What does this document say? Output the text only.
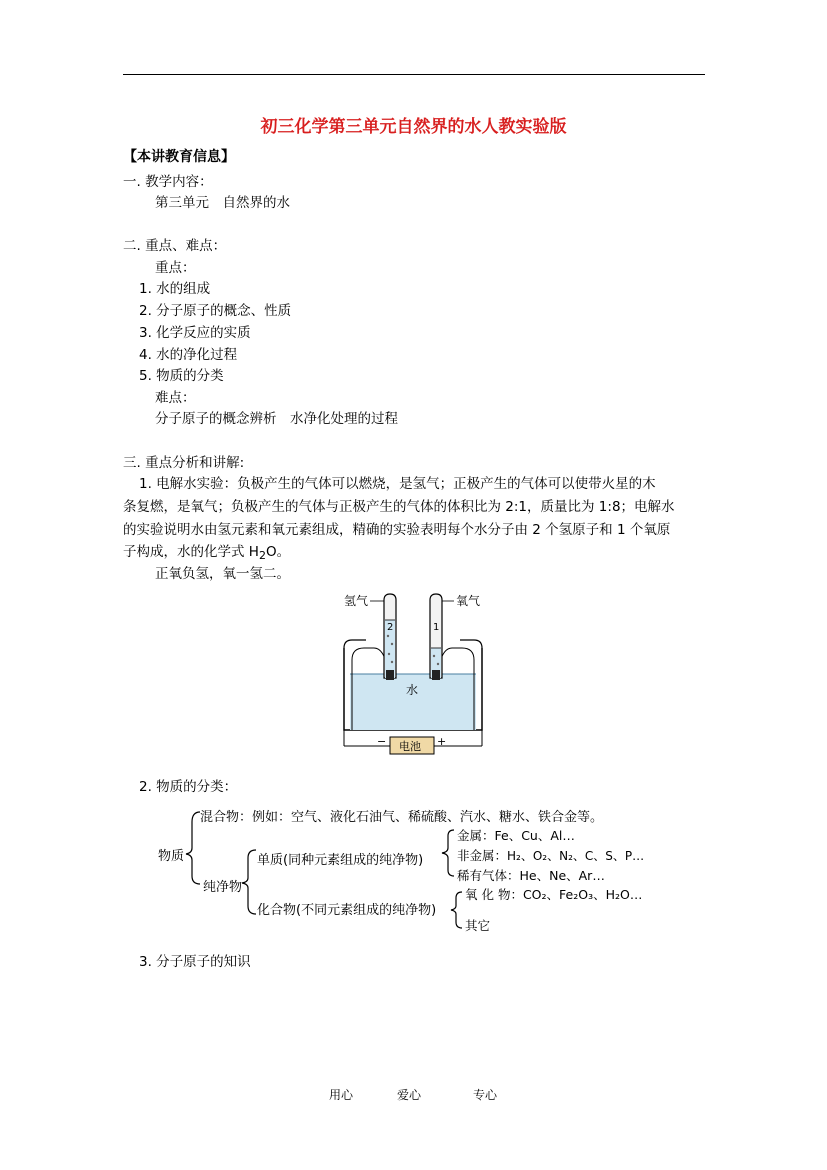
初三化学第三单元自然界的水人教实验版
【本讲教育信息】
一. 教学内容：
第三单元　自然界的水
二. 重点、难点：
重点：
1. 水的组成
2. 分子原子的概念、性质
3. 化学反应的实质
4. 水的净化过程
5. 物质的分类
难点：
分子原子的概念辨析　水净化处理的过程
三. 重点分析和讲解:
1. 电解水实验：负极产生的气体可以燃烧，是氢气；正极产生的气体可以使带火星的木
条复燃，是氧气；负极产生的气体与正极产生的气体的体积比为 2:1，质量比为 1:8；电解水
的实验说明水由氢元素和氧元素组成，精确的实验表明每个水分子由 2 个氢原子和 1 个氧原
子构成，水的化学式 $H_2O$。
正氧负氢，氧一氢二。
氢气	氧气
2	1
水
电池
−	+
2. 物质的分类：
物质
混合物：例如：空气、液化石油气、稀硫酸、汽水、糖水、铁合金等。
纯净物
单质(同种元素组成的纯净物)
金属：Fe、Cu、Al…
非金属：H₂、O₂、N₂、C、S、P…
稀有气体：He、Ne、Ar…
化合物(不同元素组成的纯净物)
氧 化 物：CO₂、Fe₂O₃、H₂O…
其它
3. 分子原子的知识
用心	爱心	专心
